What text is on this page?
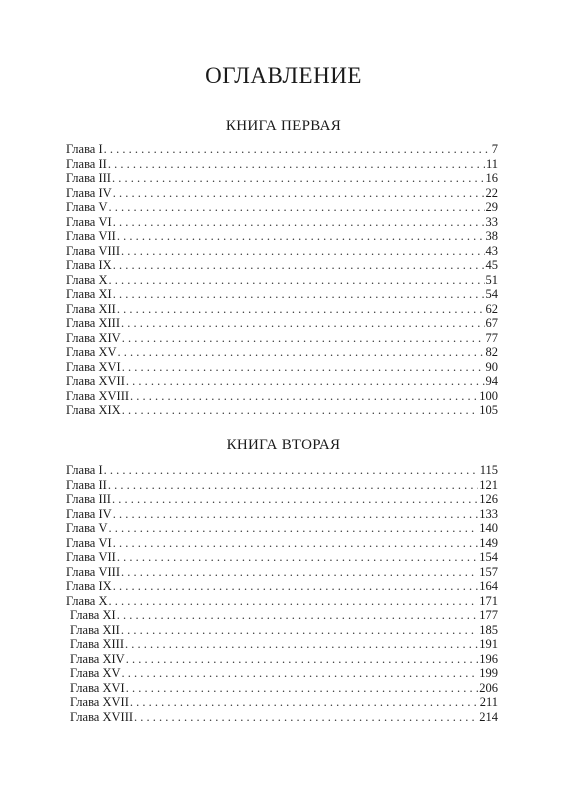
ОГЛАВЛЕНИЕ
КНИГА ПЕРВАЯ
Глава I . . .	7
Глава II . . .	11
Глава III . . .	16
Глава IV . . .	22
Глава V . . .	29
Глава VI . . .	33
Глава VII . . .	38
Глава VIII . . .	43
Глава IX . . .	45
Глава X . . .	51
Глава XI . . .	54
Глава XII . . .	62
Глава XIII . . .	67
Глава XIV . . .	77
Глава XV . . .	82
Глава XVI . . .	90
Глава XVII . . .	94
Глава XVIII . . .	100
Глава XIX . . .	105
КНИГА ВТОРАЯ
Глава I . . .	115
Глава II . . .	121
Глава III . . .	126
Глава IV . . .	133
Глава V . . .	140
Глава VI . . .	149
Глава VII . . .	154
Глава VIII . . .	157
Глава IX . . .	164
Глава X . . .	171
Глава XI . . .	177
Глава XII . . .	185
Глава XIII . . .	191
Глава XIV . . .	196
Глава XV . . .	199
Глава XVI . . .	206
Глава XVII . . .	211
Глава XVIII . . .	214
